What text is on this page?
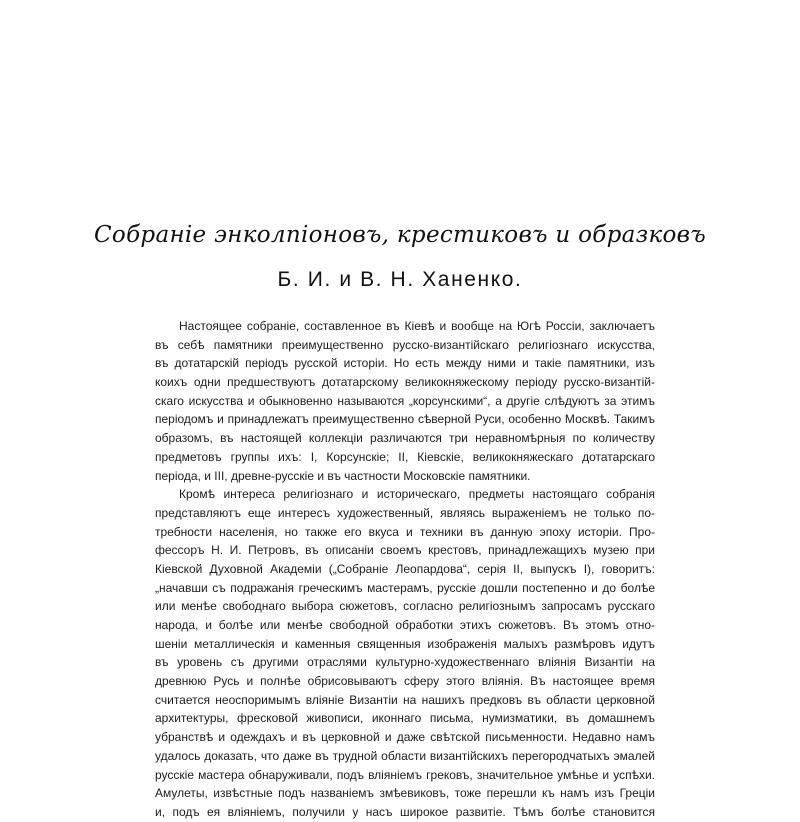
Собраніе энколпіоновъ, крестиковъ и образковъ
Б. И. и В. Н. Ханенко.
Настоящее собраніе, составленное въ Кіевѣ и вообще на Югѣ Россіи, заключаетъ
въ себѣ памятники преимущественно русско-византійскаго религіознаго искусства,
въ дотатарскій періодъ русской исторіи. Но есть между ними и такіе памятники, изъ
коихъ одни предшествуютъ дотатарскому великокняжескому періоду русско-византій-
скаго искусства и обыкновенно называются „корсунскими“, а другіе слѣдуютъ за этимъ
періодомъ и принадлежатъ преимущественно сѣверной Руси, особенно Москвѣ. Такимъ
образомъ, въ настоящей коллекціи различаются три неравномѣрныя по количеству
предметовъ группы ихъ: I, Корсунскіе; II, Кіевскіе, великокняжескаго дотатарскаго
періода, и III, древне-русскіе и въ частности Московскіе памятники.
Кромѣ интереса религіознаго и историческаго, предметы настоящаго собранія
представляютъ еще интересъ художественный, являясь выраженіемъ не только по-
требности населенія, но также его вкуса и техники въ данную эпоху исторіи. Про-
фессоръ Н. И. Петровъ, въ описаніи своемъ крестовъ, принадлежащихъ музею при
Кіевской Духовной Академіи („Собраніе Леопардова“, серія II, выпускъ I), говоритъ:
„начавши съ подражанія греческимъ мастерамъ, русскіе дошли постепенно и до болѣе
или менѣе свободнаго выбора сюжетовъ, согласно религіознымъ запросамъ русскаго
народа, и болѣе или менѣе свободной обработки этихъ сюжетовъ. Въ этомъ отно-
шеніи металлическія и каменныя священныя изображенія малыхъ размѣровъ идутъ
въ уровень съ другими отраслями культурно-художественнаго вліянія Византіи на
древнюю Русь и полнѣе обрисовываютъ сферу этого вліянія. Въ настоящее время
считается неоспоримымъ вліяніе Византіи на нашихъ предковъ въ области церковной
архитектуры, фресковой живописи, иконнаго письма, нумизматики, въ домашнемъ
убранствѣ и одеждахъ и въ церковной и даже свѣтской письменности. Недавно намъ
удалось доказать, что даже въ трудной области византійскихъ перегородчатыхъ эмалей
русскіе мастера обнаруживали, подъ вліяніемъ грековъ, значительное умѣнье и успѣхи.
Амулеты, извѣстные подъ названіемъ змѣевиковъ, тоже перешли къ намъ изъ Греціи
и, подъ ея вліяніемъ, получили у насъ широкое развитіе. Тѣмъ болѣе становится
